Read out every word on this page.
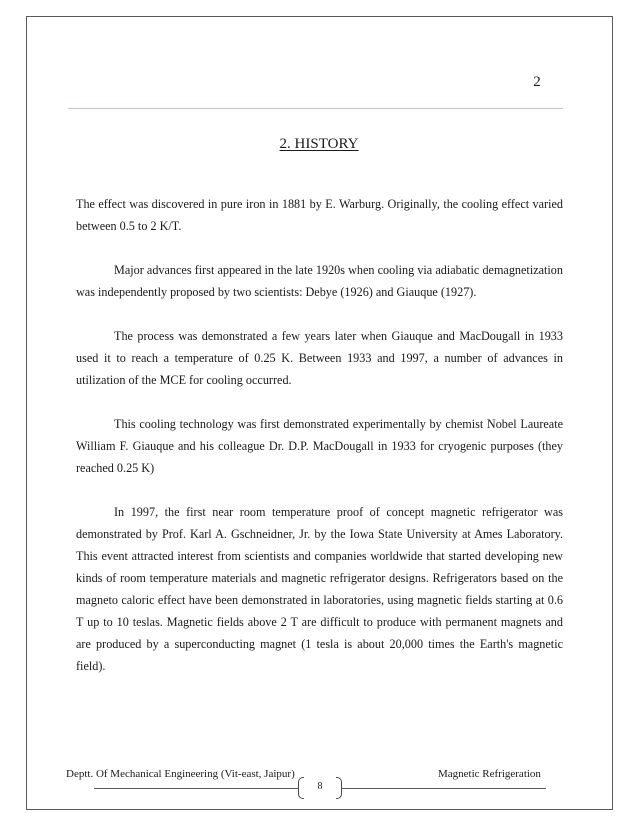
2
2. HISTORY

The effect was discovered in pure iron in 1881 by E. Warburg. Originally, the cooling effect varied between 0.5 to 2 K/T.

Major advances first appeared in the late 1920s when cooling via adiabatic demagnetization was independently proposed by two scientists: Debye (1926) and Giauque (1927).

The process was demonstrated a few years later when Giauque and MacDougall in 1933 used it to reach a temperature of 0.25 K. Between 1933 and 1997, a number of advances in utilization of the MCE for cooling occurred.

This cooling technology was first demonstrated experimentally by chemist Nobel Laureate William F. Giauque and his colleague Dr. D.P. MacDougall in 1933 for cryogenic purposes (they reached 0.25 K)

In 1997, the first near room temperature proof of concept magnetic refrigerator was demonstrated by Prof. Karl A. Gschneidner, Jr. by the Iowa State University at Ames Laboratory. This event attracted interest from scientists and companies worldwide that started developing new kinds of room temperature materials and magnetic refrigerator designs. Refrigerators based on the magneto caloric effect have been demonstrated in laboratories, using magnetic fields starting at 0.6 T up to 10 teslas. Magnetic fields above 2 T are difficult to produce with permanent magnets and are produced by a superconducting magnet (1 tesla is about 20,000 times the Earth's magnetic field).

Deptt. Of Mechanical Engineering (Vit-east, Jaipur)	Magnetic Refrigeration
8
